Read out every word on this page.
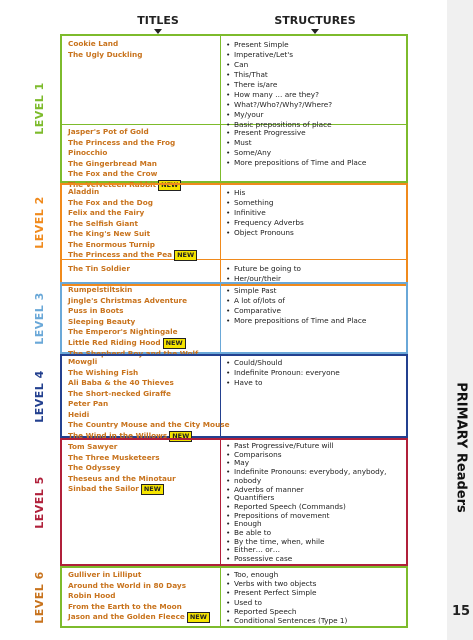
TITLES	STRUCTURES
PRIMARY Readers
15
LEVEL 1
Cookie Land
The Ugly Duckling
• Present Simple
• Imperative/Let's
• Can
• This/That
• There is/are
• How many … are they?
• What?/Who?/Why?/Where?
• My/your
• Basic prepositions of place
Jasper's Pot of Gold
The Princess and the Frog
Pinocchio
The Gingerbread Man
The Fox and the Crow
The Velveteen Rabbit NEW
• Present Progressive
• Must
• Some/Any
• More prepositions of Time and Place
LEVEL 2
Aladdin
The Fox and the Dog
Felix and the Fairy
The Selfish Giant
The King's New Suit
The Enormous Turnip
The Princess and the Pea NEW
• His
• Something
• Infinitive
• Frequency Adverbs
• Object Pronouns
The Tin Soldier
•	Future be going to
• Her/our/their
LEVEL 3
Rumpelstiltskin
Jingle's Christmas Adventure
Puss in Boots
Sleeping Beauty
The Emperor's Nightingale
Little Red Riding Hood NEW
The Shepherd Boy and the Wolf
• Simple Past
• A lot of/lots of
• Comparative
• More prepositions of Time and Place
LEVEL 4
Mowgli
The Wishing Fish
Ali Baba & the 40 Thieves
The Short-necked Giraffe
Peter Pan
Heidi
The Country Mouse and the City Mouse
The Wind in the Willows NEW
• Could/Should
• Indefinite Pronoun: everyone
• Have to
LEVEL 5
Tom Sawyer
The Three Musketeers
The Odyssey
Theseus and the Minotaur
Sinbad the Sailor NEW
• Past Progressive/Future will
• Comparisons
• May
• Indefinite Pronouns: everybody, anybody,
• nobody
• Adverbs of manner
• Quantifiers
• Reported Speech (Commands)
• Prepositions of movement
• Enough
• Be able to
• By the time, when, while
• Either… or…
• Possessive case
LEVEL 6	Gulliver in Lilliput
Around the World in 80 Days
Robin Hood
From the Earth to the Moon
Jason and the Golden Fleece NEW
• Too, enough
• Verbs with two objects
• Present Perfect Simple
• Used to
• Reported Speech
• Conditional Sentences (Type 1)
